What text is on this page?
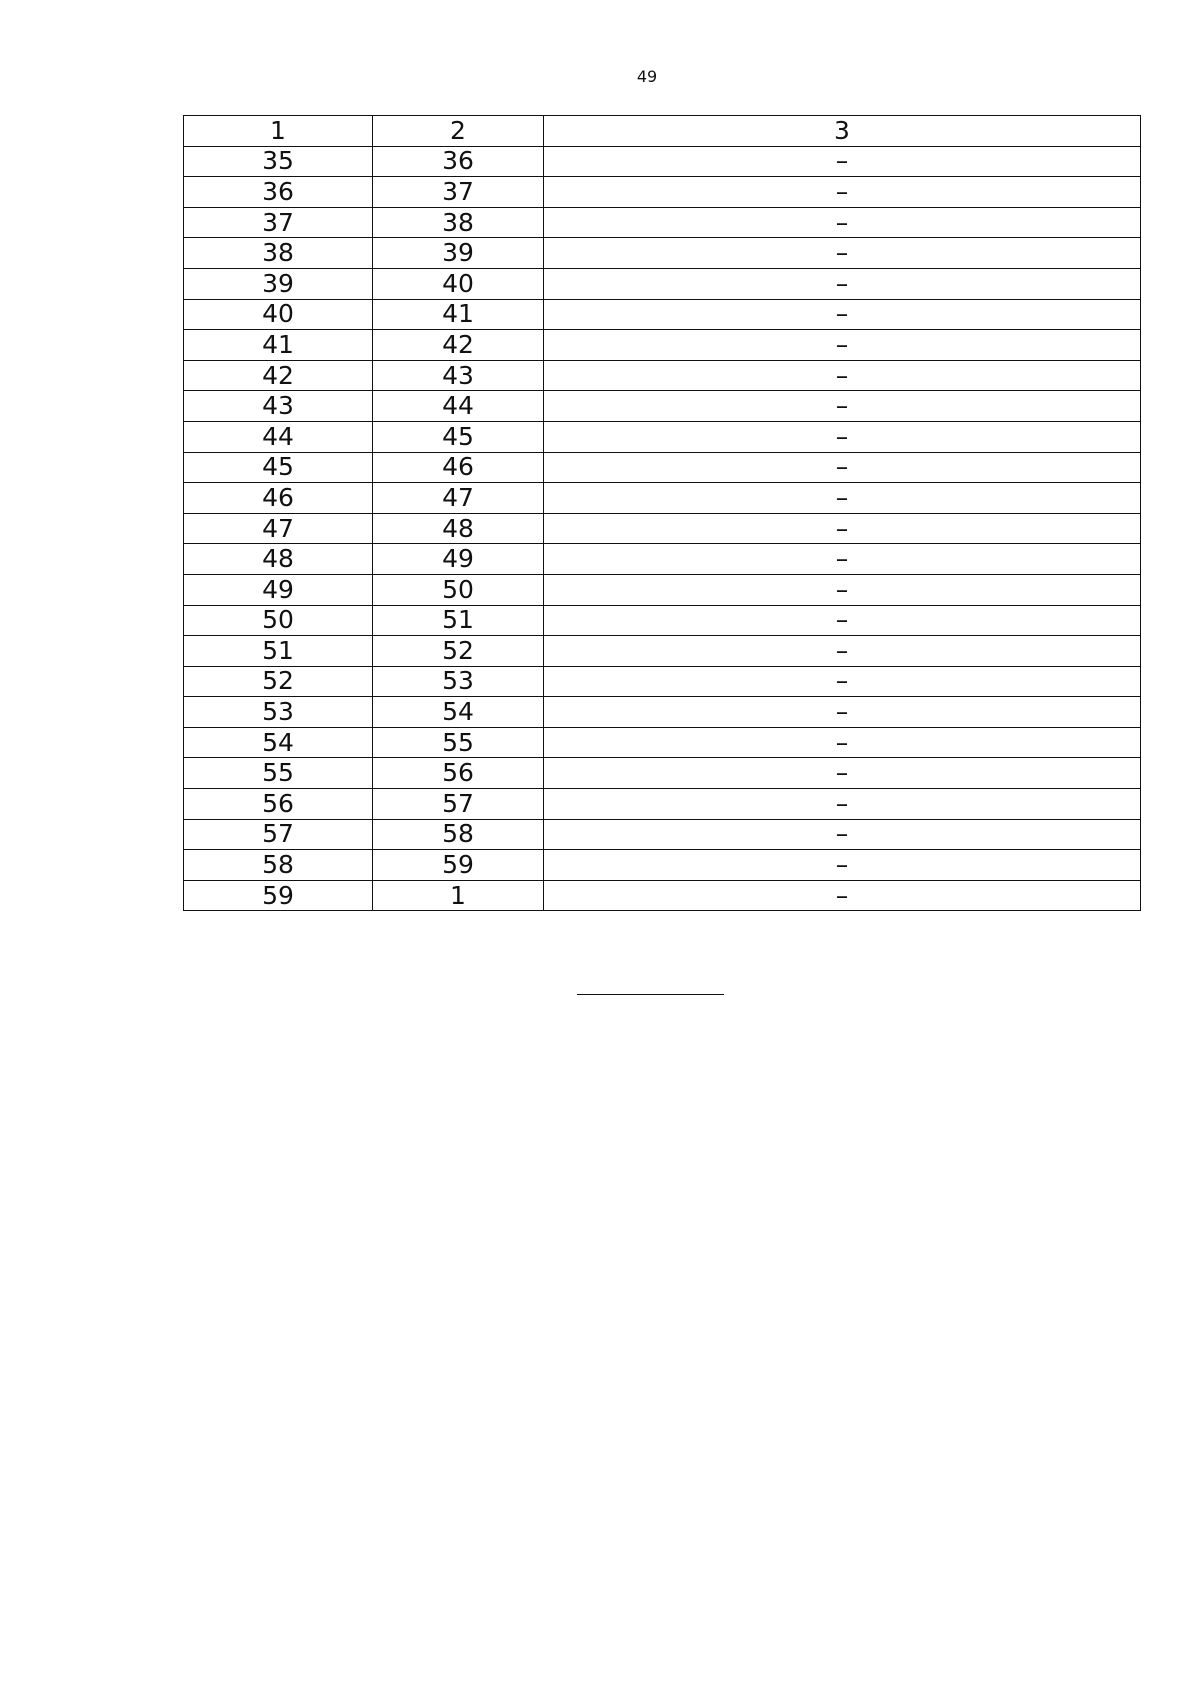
49
1	2	3
35	36	–
36	37	–
37	38	–
38	39	–
39	40	–
40	41	–
41	42	–
42	43	–
43	44	–
44	45	–
45	46	–
46	47	–
47	48	–
48	49	–
49	50	–
50	51	–
51	52	–
52	53	–
53	54	–
54	55	–
55	56	–
56	57	–
57	58	–
58	59	–
59	1	–
